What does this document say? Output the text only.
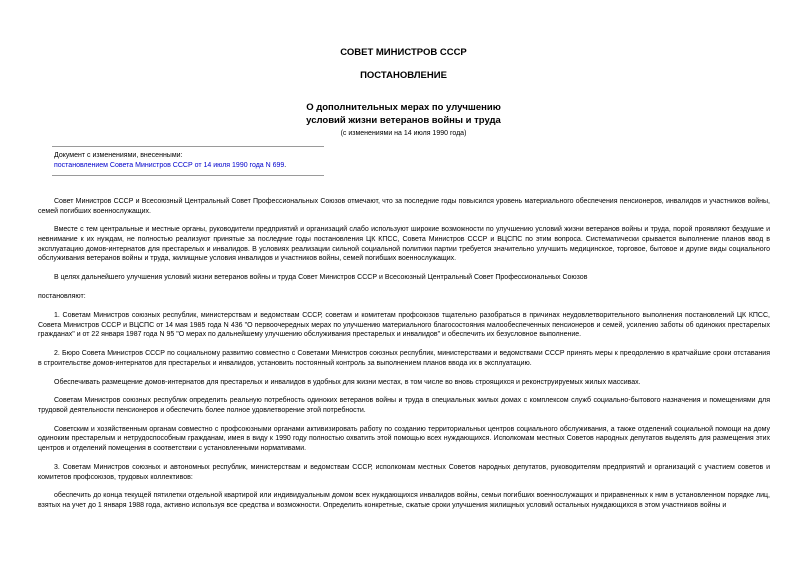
СОВЕТ МИНИСТРОВ СССР
ПОСТАНОВЛЕНИЕ
О дополнительных мерах по улучшению
условий жизни ветеранов войны и труда
(с изменениями на 14 июля 1990 года)
Документ с изменениями, внесенными:
постановлением Совета Министров СССР от 14 июля 1990 года N 699.

Совет Министров СССР и Всесоюзный Центральный Совет Профессиональных Союзов отмечают, что за последние годы повысился уровень материального обеспечения пенсионеров, инвалидов и участников войны, семей погибших военнослужащих.

Вместе с тем центральные и местные органы, руководители предприятий и организаций слабо используют широкие возможности по улучшению условий жизни ветеранов войны и труда, порой проявляют бездушие и невнимание к их нуждам, не полностью реализуют принятые за последние годы постановления ЦК КПСС, Совета Министров СССР и ВЦСПС по этим вопроса. Систематически срывается выполнение планов ввод в эксплуатацию домов-интернатов для престарелых и инвалидов. В условиях реализации сильной социальной политики партии требуется значительно улучшить медицинское, торговое, бытовое и другие виды социального обслуживания ветеранов войны и труда, жилищные условия инвалидов и участников войны, семей погибших военнослужащих.

В целях дальнейшего улучшения условий жизни ветеранов войны и труда Совет Министров СССР и Всесоюзный Центральный Совет Профессиональных Союзов

постановляют:

1. Советам Министров союзных республик, министерствам и ведомствам СССР, советам и комитетам профсоюзов тщательно разобраться в причинах неудовлетворительного выполнения постановлений ЦК КПСС, Совета Министров СССР и ВЦСПС от 14 мая 1985 года N 436 "О первоочередных мерах по улучшению материального благосостояния малообеспеченных пенсионеров и семей, усилению заботы об одиноких престарелых гражданах" и от 22 января 1987 года N 95 "О мерах по дальнейшему улучшению обслуживания престарелых и инвалидов" и обеспечить их безусловное выполнение.

2. Бюро Совета Министров СССР по социальному развитию совместно с Советами Министров союзных республик, министерствами и ведомствами СССР принять меры к преодолению в кратчайшие сроки отставания в строительстве домов-интернатов для престарелых и инвалидов, установить постоянный контроль за выполнением планов ввода их в эксплуатацию.

Обеспечивать размещение домов-интернатов для престарелых и инвалидов в удобных для жизни местах, в том числе во вновь строящихся и реконструируемых жилых массивах.

Советам Министров союзных республик определить реальную потребность одиноких ветеранов войны и труда в специальных жилых домах с комплексом служб социально-бытового назначения и помещениями для трудовой деятельности пенсионеров и обеспечить более полное удовлетворение этой потребности.

Советским и хозяйственным органам совместно с профсоюзными органами активизировать работу по созданию территориальных центров социального обслуживания, а также отделений социальной помощи на дому одиноким престарелым и нетрудоспособным гражданам, имея в виду к 1990 году полностью охватить этой помощью всех нуждающихся. Исполкомам местных Советов народных депутатов выделять для размещения этих центров и отделений помещения в соответствии с установленными нормативами.

3. Советам Министров союзных и автономных республик, министерствам и ведомствам СССР, исполкомам местных Советов народных депутатов, руководителям предприятий и организаций с участием советов и комитетов профсоюзов, трудовых коллективов:

обеспечить до конца текущей пятилетки отдельной квартирой или индивидуальным домом всех нуждающихся инвалидов войны, семьи погибших военнослужащих и приравненных к ним в установленном порядке лиц, взятых на учет до 1 января 1988 года, активно используя все средства и возможности. Определить конкретные, сжатые сроки улучшения жилищных условий остальных нуждающихся в этом участников войны и
